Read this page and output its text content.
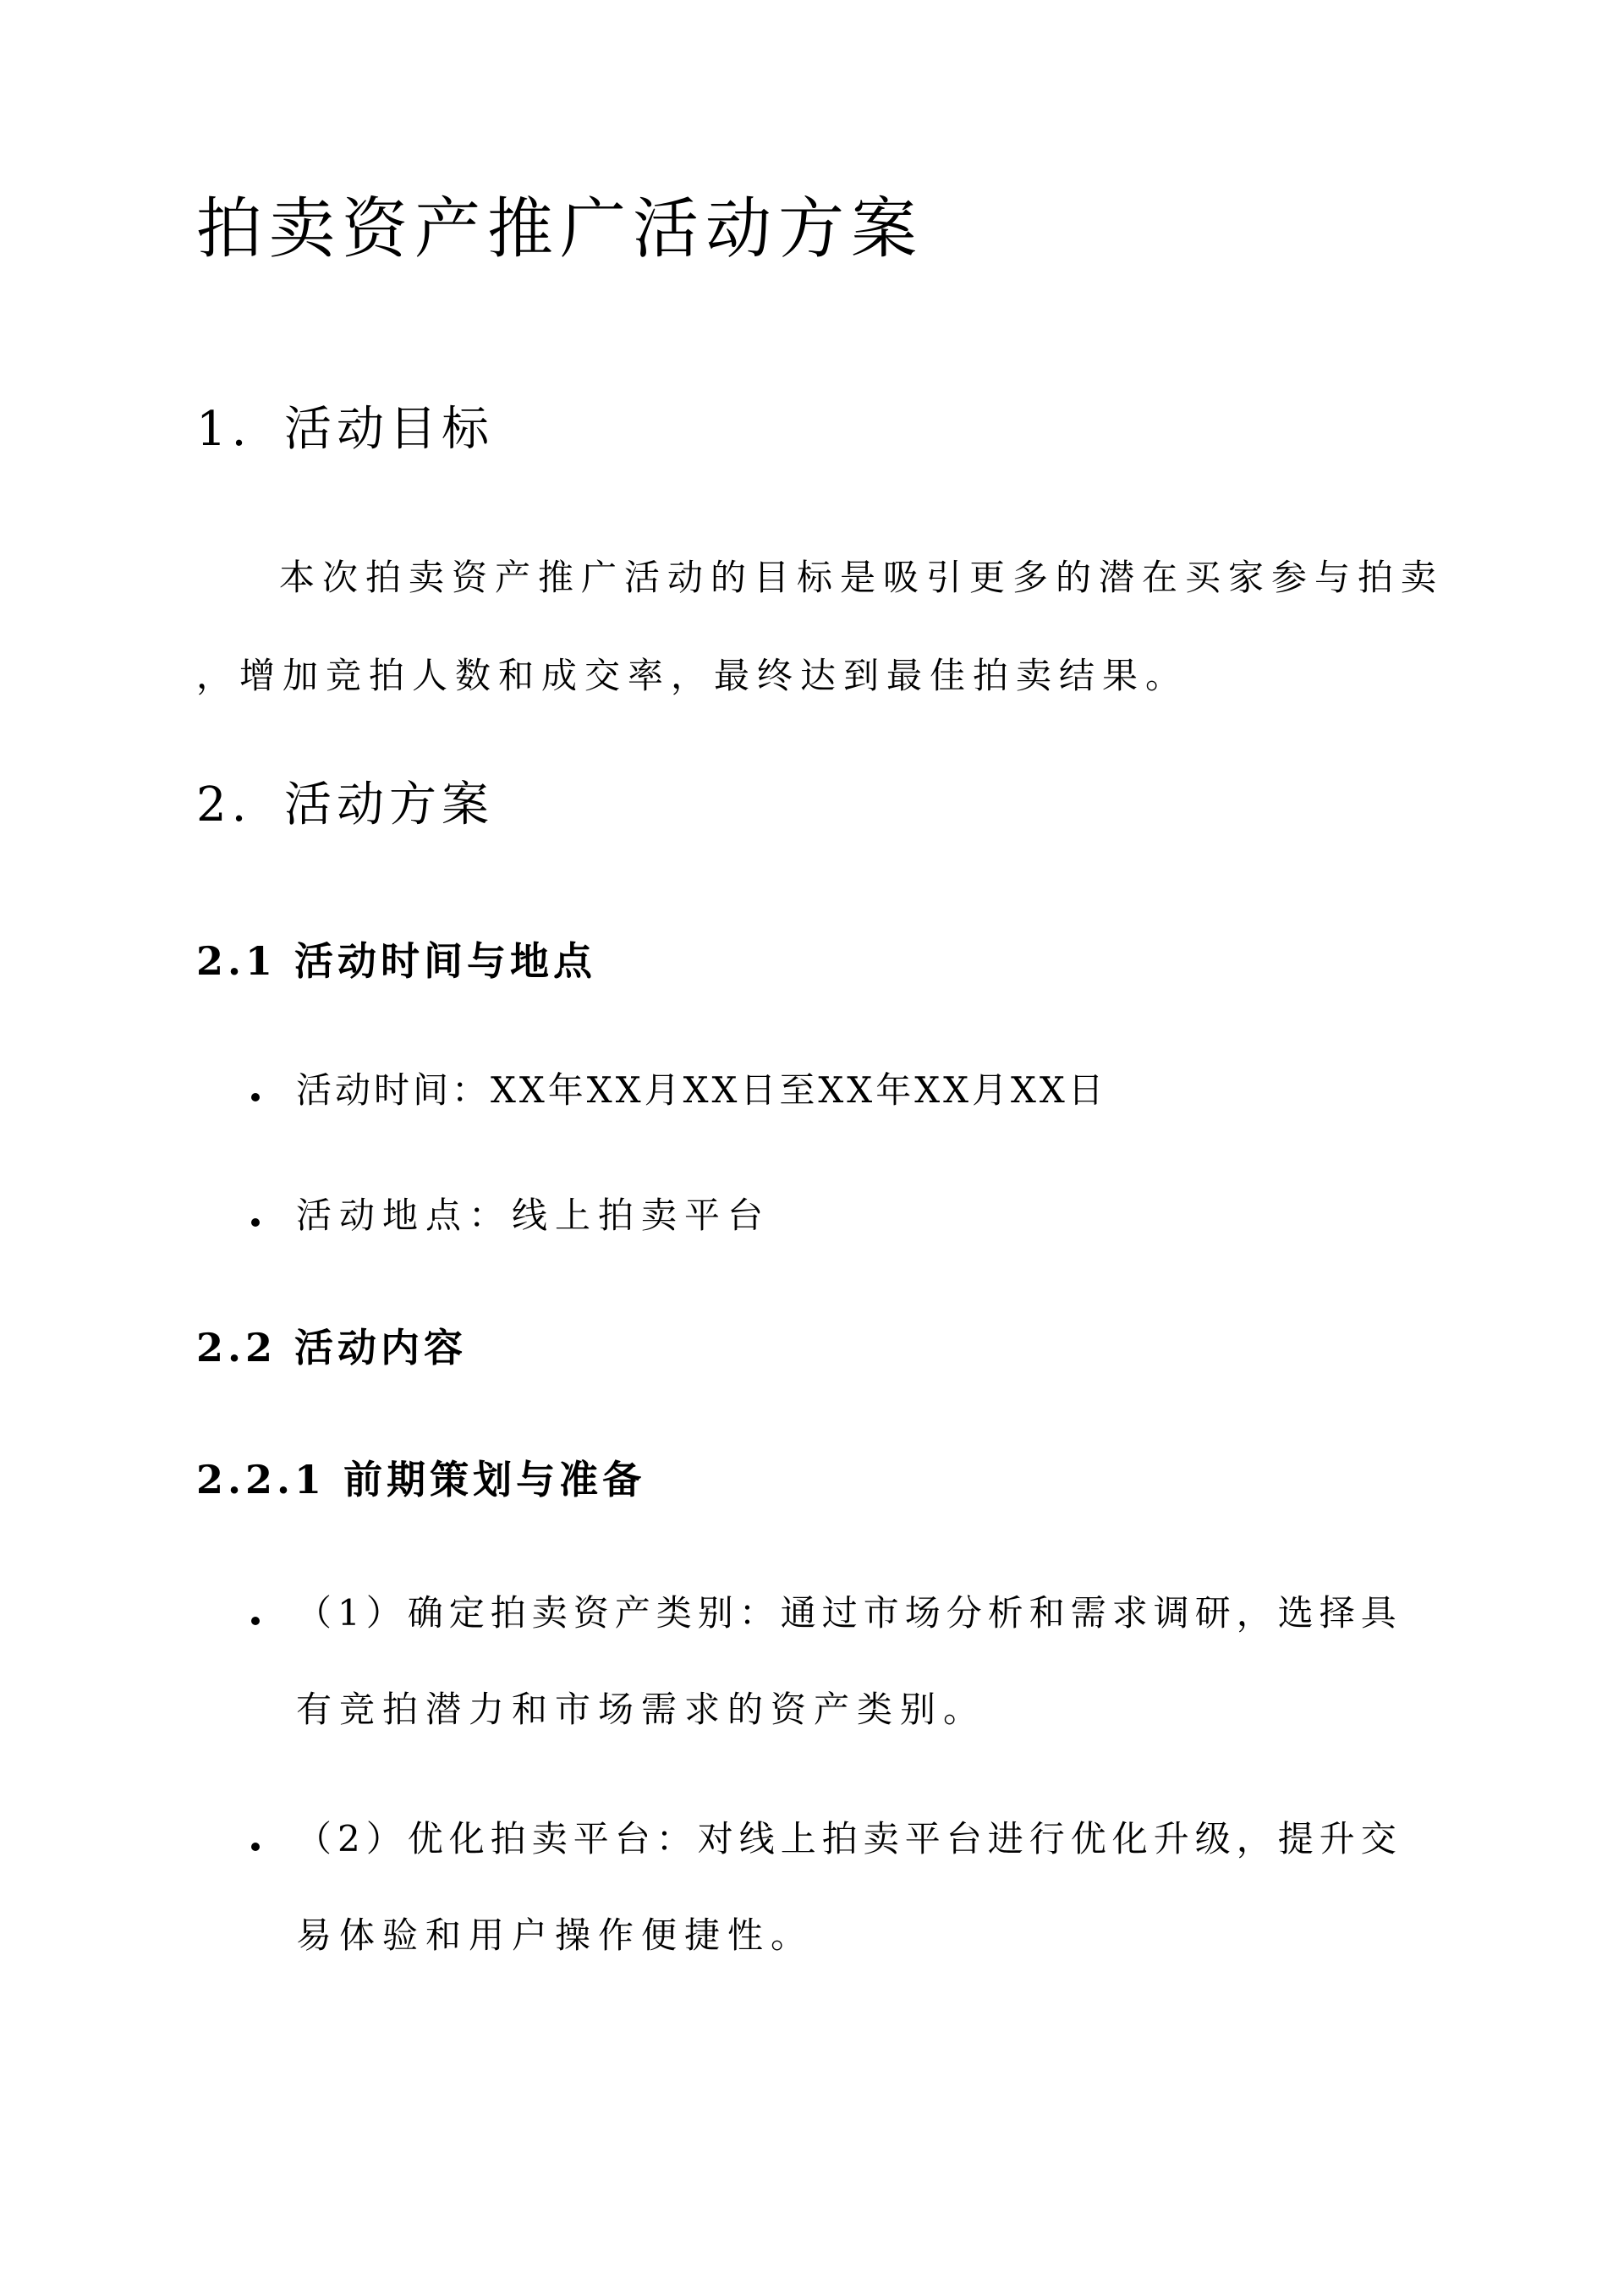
拍卖资产推广活动方案
1. 活动目标
本次拍卖资产推广活动的目标是吸引更多的潜在买家参与拍卖
，增加竞拍人数和成交率，最终达到最佳拍卖结果。
2. 活动方案
2.1 活动时间与地点
活动时间：XX年XX月XX日至XX年XX月XX日
活动地点：线上拍卖平台
2.2 活动内容
2.2.1 前期策划与准备
（1）确定拍卖资产类别：通过市场分析和需求调研，选择具
有竞拍潜力和市场需求的资产类别。
（2）优化拍卖平台：对线上拍卖平台进行优化升级，提升交
易体验和用户操作便捷性。
